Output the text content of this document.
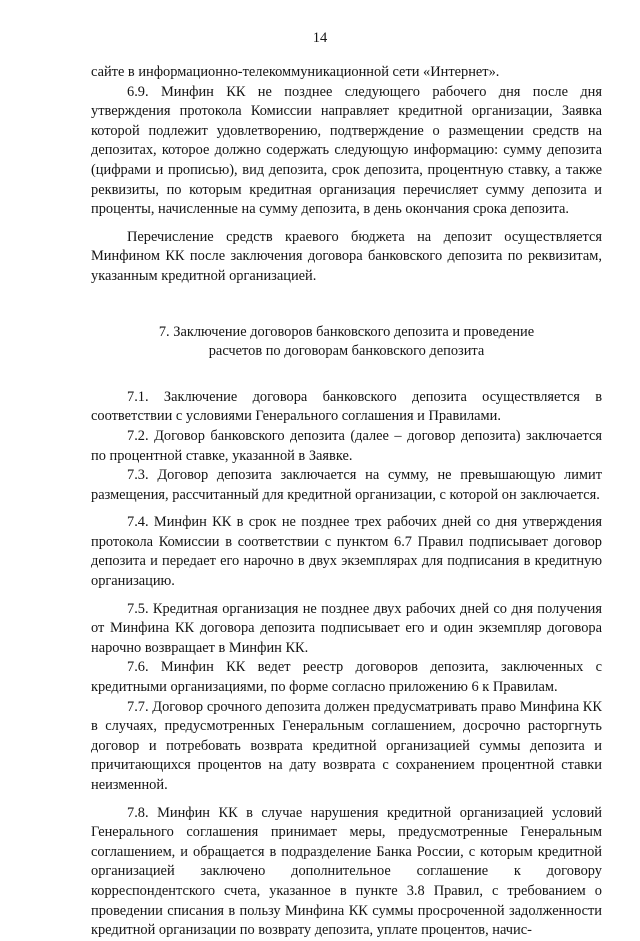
14

сайте в информационно-телекоммуникационной сети «Интернет».

6.9. Минфин КК не позднее следующего рабочего дня после дня утверждения протокола Комиссии направляет кредитной организации, Заявка которой подлежит удовлетворению, подтверждение о размещении средств на депозитах, которое должно содержать следующую информацию: сумму депозита (цифрами и прописью), вид депозита, срок депозита, процентную ставку, а также реквизиты, по которым кредитная организация перечисляет сумму депозита и проценты, начисленные на сумму депозита, в день окончания срока депозита.

Перечисление средств краевого бюджета на депозит осуществляется Минфином КК после заключения договора банковского депозита по реквизитам, указанным кредитной организацией.

7. Заключение договоров банковского депозита и проведение
расчетов по договорам банковского депозита

7.1. Заключение договора банковского депозита осуществляется в соответствии с условиями Генерального соглашения и Правилами.

7.2. Договор банковского депозита (далее – договор депозита) заключается по процентной ставке, указанной в Заявке.

7.3. Договор депозита заключается на сумму, не превышающую лимит размещения, рассчитанный для кредитной организации, с которой он заключается.

7.4. Минфин КК в срок не позднее трех рабочих дней со дня утверждения протокола Комиссии в соответствии с пунктом 6.7 Правил подписывает договор депозита и передает его нарочно в двух экземплярах для подписания в кредитную организацию.

7.5. Кредитная организация не позднее двух рабочих дней со дня получения от Минфина КК договора депозита подписывает его и один экземпляр договора нарочно возвращает в Минфин КК.

7.6. Минфин КК ведет реестр договоров депозита, заключенных с кредитными организациями, по форме согласно приложению 6 к Правилам.

7.7. Договор срочного депозита должен предусматривать право Минфина КК в случаях, предусмотренных Генеральным соглашением, досрочно расторгнуть договор и потребовать возврата кредитной организацией суммы депозита и причитающихся процентов на дату возврата с сохранением процентной ставки неизменной.

7.8. Минфин КК в случае нарушения кредитной организацией условий Генерального соглашения принимает меры, предусмотренные Генеральным соглашением, и обращается в подразделение Банка России, с которым кредитной организацией заключено дополнительное соглашение к договору корреспондентского счета, указанное в пункте 3.8 Правил, с требованием о проведении списания в пользу Минфина КК суммы просроченной задолженности кредитной организации по возврату депозита, уплате процентов, начис-
